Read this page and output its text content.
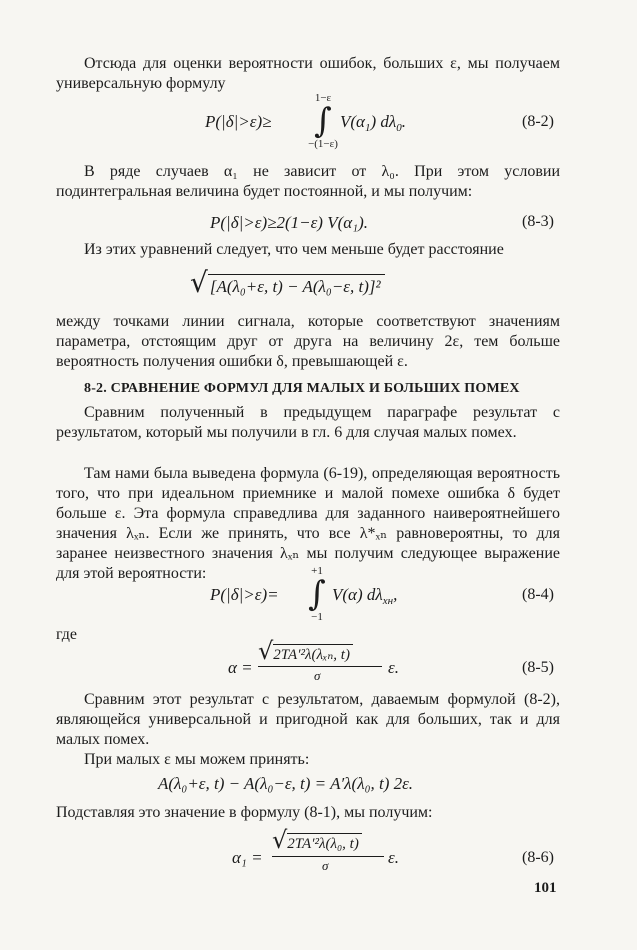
Отсюда для оценки вероятности ошибок, больших ε, мы получаем универсальную формулу
P(|δ|>ε)≥
1−ε
∫
−(1−ε)
$V(\alpha_1)$ $d\lambda_0$.	(8-2)
В ряде случаев α₁ не зависит от λ₀. При этом условии подинтегральная величина будет постоянной, и мы получим:
P(|δ|>ε)≥2(1−ε) V(α₁).	(8-3)
Из этих уравнений следует, что чем меньше будет расстояние
√ [A(λ₀+ε, t) − A(λ₀−ε, t)]²
между точками линии сигнала, которые соответствуют значениям параметра, отстоящим друг от друга на величину 2ε, тем больше вероятность получения ошибки δ, превышающей ε.
8-2. СРАВНЕНИЕ ФОРМУЛ ДЛЯ МАЛЫХ И БОЛЬШИХ ПОМЕХ
Сравним полученный в предыдущем параграфе результат с результатом, который мы получили в гл. 6 для случая малых помех.
Там нами была выведена формула (6-19), определяющая вероятность того, что при идеальном приемнике и малой помехе ошибка δ будет больше ε. Эта формула справедлива для заданного наивероятнейшего значения λₓₙ. Если же принять, что все λ*ₓₙ равновероятны, то для заранее неизвестного значения λₓₙ мы получим следующее выражение для этой вероятности:
P(|δ|>ε)=
+1
∫
−1
V(α) $d\lambda_{хн}$,	(8-4)
где
α =
√2TA′²λ(λₓₙ, t)
σ	ε.	(8-5)
Сравним этот результат с результатом, даваемым формулой (8-2), являющейся универсальной и пригодной как для больших, так и для малых помех.
При малых ε мы можем принять:
A(λ₀+ε, t) − A(λ₀−ε, t) = A′λ(λ₀, t) 2ε.
Подставляя это значение в формулу (8-1), мы получим:
α₁ =
√2TA′²λ(λ₀, t)
σ	ε.	(8-6)
101
